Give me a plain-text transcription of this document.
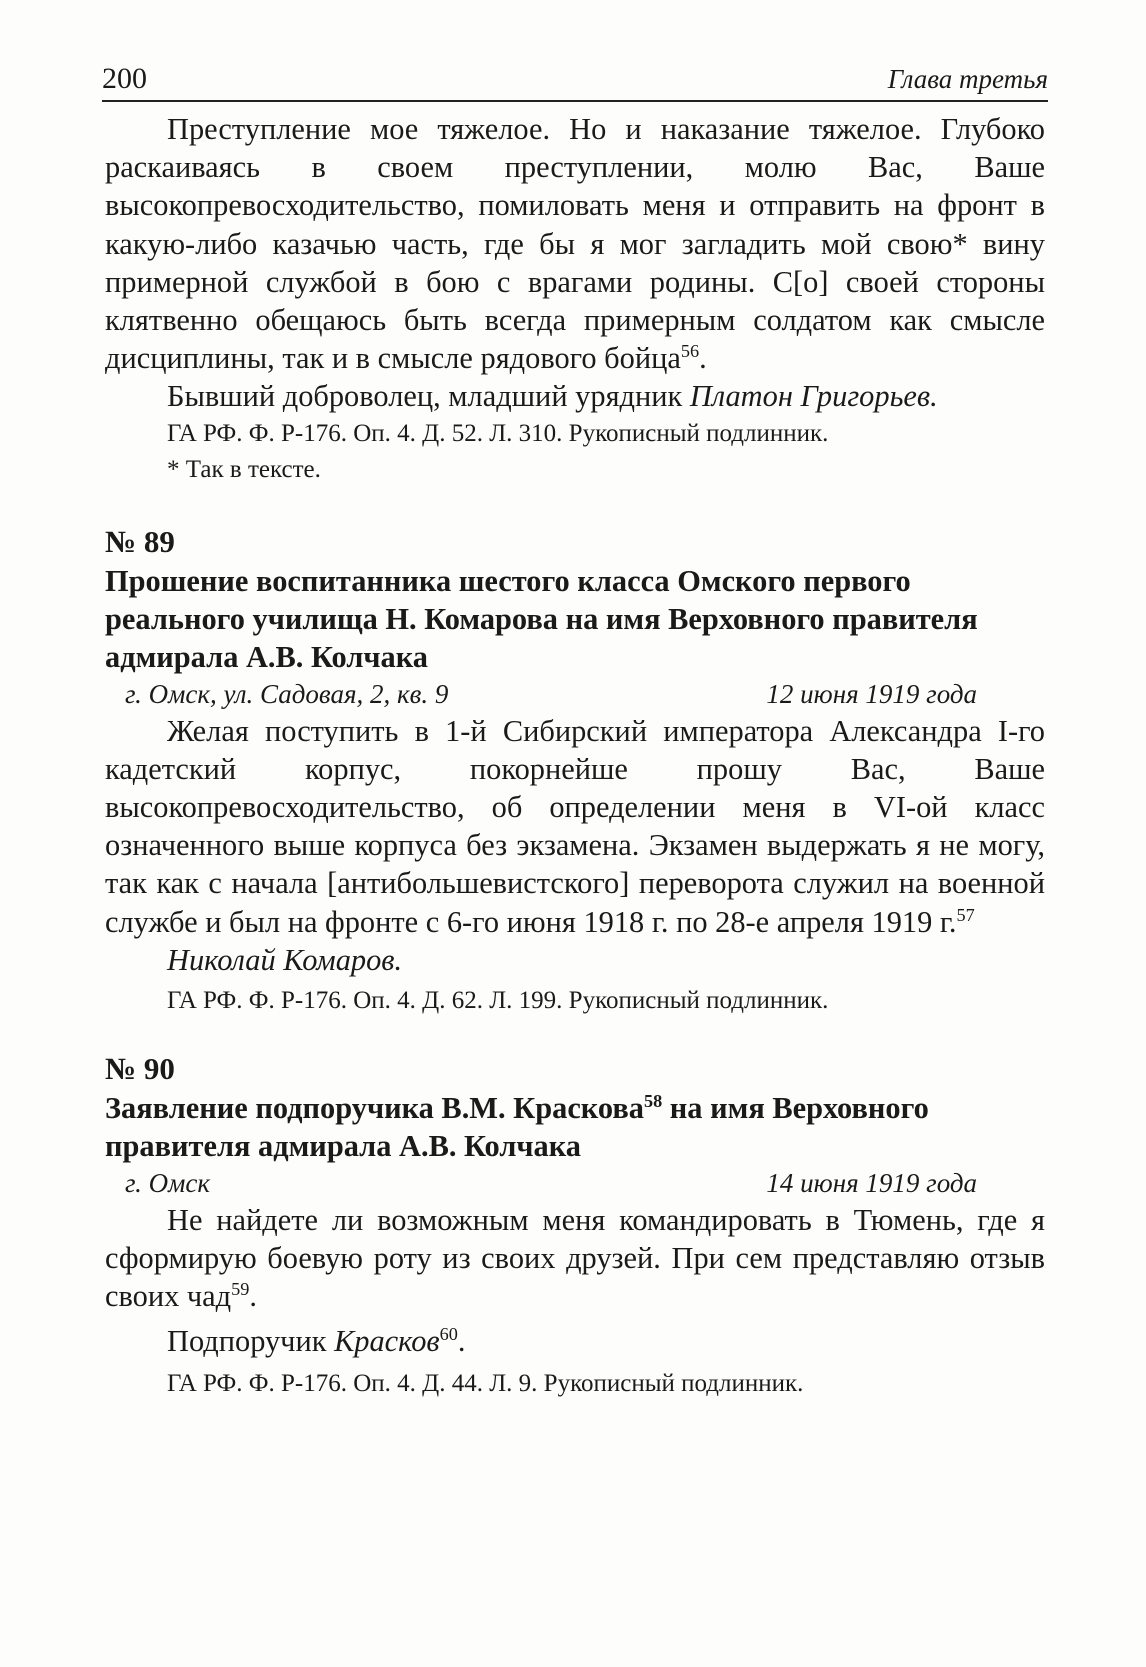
200	Глава третья

Преступление мое тяжелое. Но и наказание тяжелое. Глубоко раскаиваясь в своем преступлении, молю Вас, Ваше высокопревосходительство, помиловать меня и отправить на фронт в какую-либо казачью часть, где бы я мог загладить мой свою* вину примерной службой в бою с врагами родины. С[о] своей стороны клятвенно обещаюсь быть всегда примерным солдатом как смысле дисциплины, так и в смысле рядового бойца$^{56}$.

Бывший доброволец, младший урядник Платон Григорьев.

ГА РФ. Ф. Р-176. Оп. 4. Д. 52. Л. 310. Рукописный подлинник.

* Так в тексте.

№ 89

Прошение воспитанника шестого класса Омского первого реального училища Н. Комарова на имя Верховного правителя адмирала А.В. Колчака

г. Омск, ул. Садовая, 2, кв. 9	12 июня 1919 года

Желая поступить в 1-й Сибирский императора Александра I-го кадетский корпус, покорнейше прошу Вас, Ваше высокопревосходительство, об определении меня в VI-ой класс означенного выше корпуса без экзамена. Экзамен выдержать я не могу, так как с начала [антибольшевистского] переворота служил на военной службе и был на фронте с 6-го июня 1918 г. по 28-е апреля 1919 г.$^{57}$

Николай Комаров.

ГА РФ. Ф. Р-176. Оп. 4. Д. 62. Л. 199. Рукописный подлинник.

№ 90

Заявление подпоручика В.М. Краскова$^{58}$ на имя Верховного правителя адмирала А.В. Колчака

г. Омск	14 июня 1919 года

Не найдете ли возможным меня командировать в Тюмень, где я сформирую боевую роту из своих друзей. При сем представляю отзыв своих чад$^{59}$.

Подпоручик Красков$^{60}$.

ГА РФ. Ф. Р-176. Оп. 4. Д. 44. Л. 9. Рукописный подлинник.
